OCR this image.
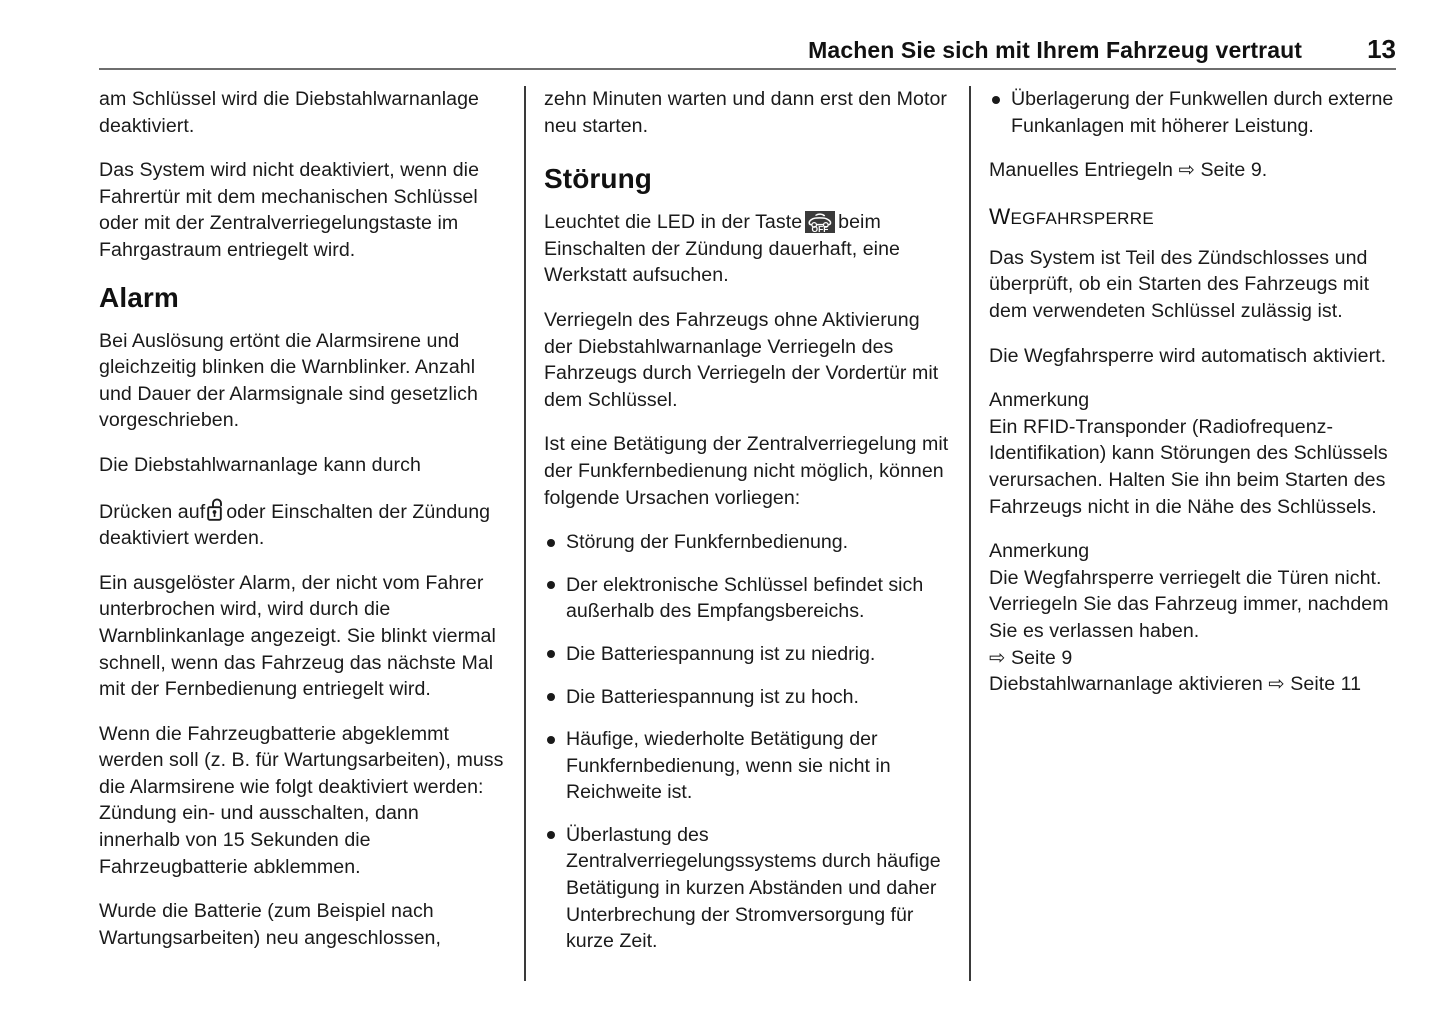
Machen Sie sich mit Ihrem Fahrzeug vertraut	13

am Schlüssel wird die Diebstahlwarnanlage deaktiviert.

Das System wird nicht deaktiviert, wenn die Fahrertür mit dem mechanischen Schlüssel oder mit der Zentralverriegelungstaste im Fahrgastraum entriegelt wird.

Alarm

Bei Auslösung ertönt die Alarmsirene und gleichzeitig blinken die Warnblinker. Anzahl und Dauer der Alarmsignale sind gesetzlich vorgeschrieben.

Die Diebstahlwarnanlage kann durch

Drücken auf oder Einschalten der Zündung deaktiviert werden.

Ein ausgelöster Alarm, der nicht vom Fahrer unterbrochen wird, wird durch die Warnblinkanlage angezeigt. Sie blinkt viermal schnell, wenn das Fahrzeug das nächste Mal mit der Fernbedienung entriegelt wird.

Wenn die Fahrzeugbatterie abgeklemmt werden soll (z. B. für Wartungsarbeiten), muss die Alarmsirene wie folgt deaktiviert werden: Zündung ein- und ausschalten, dann innerhalb von 15 Sekunden die Fahrzeugbatterie abklemmen.

Wurde die Batterie (zum Beispiel nach Wartungsarbeiten) neu angeschlossen,

zehn Minuten warten und dann erst den Motor neu starten.

Störung

Leuchtet die LED in der Taste OFF beim Einschalten der Zündung dauerhaft, eine Werkstatt aufsuchen.

Verriegeln des Fahrzeugs ohne Aktivierung der Diebstahlwarnanlage Verriegeln des Fahrzeugs durch Verriegeln der Vordertür mit dem Schlüssel.

Ist eine Betätigung der Zentralverriegelung mit der Funkfernbedienung nicht möglich, können folgende Ursachen vorliegen:

Störung der Funkfernbedienung.
Der elektronische Schlüssel befindet sich außerhalb des Empfangsbereichs.
Die Batteriespannung ist zu niedrig.
Die Batteriespannung ist zu hoch.
Häufige, wiederholte Betätigung der Funkfernbedienung, wenn sie nicht in Reichweite ist.
Überlastung des Zentralverriegelungssystems durch häufige Betätigung in kurzen Abständen und daher Unterbrechung der Stromversorgung für kurze Zeit.
Überlagerung der Funkwellen durch externe Funkanlagen mit höherer Leistung.

Manuelles Entriegeln ⇨ Seite 9.

WEGFAHRSPERRE

Das System ist Teil des Zündschlosses und überprüft, ob ein Starten des Fahrzeugs mit dem verwendeten Schlüssel zulässig ist.

Die Wegfahrsperre wird automatisch aktiviert.

Anmerkung

Ein RFID-Transponder (Radiofrequenz-Identifikation) kann Störungen des Schlüssels verursachen. Halten Sie ihn beim Starten des Fahrzeugs nicht in die Nähe des Schlüssels.

Anmerkung

Die Wegfahrsperre verriegelt die Türen nicht. Verriegeln Sie das Fahrzeug immer, nachdem Sie es verlassen haben.

⇨ Seite 9

Diebstahlwarnanlage aktivieren ⇨ Seite 11
